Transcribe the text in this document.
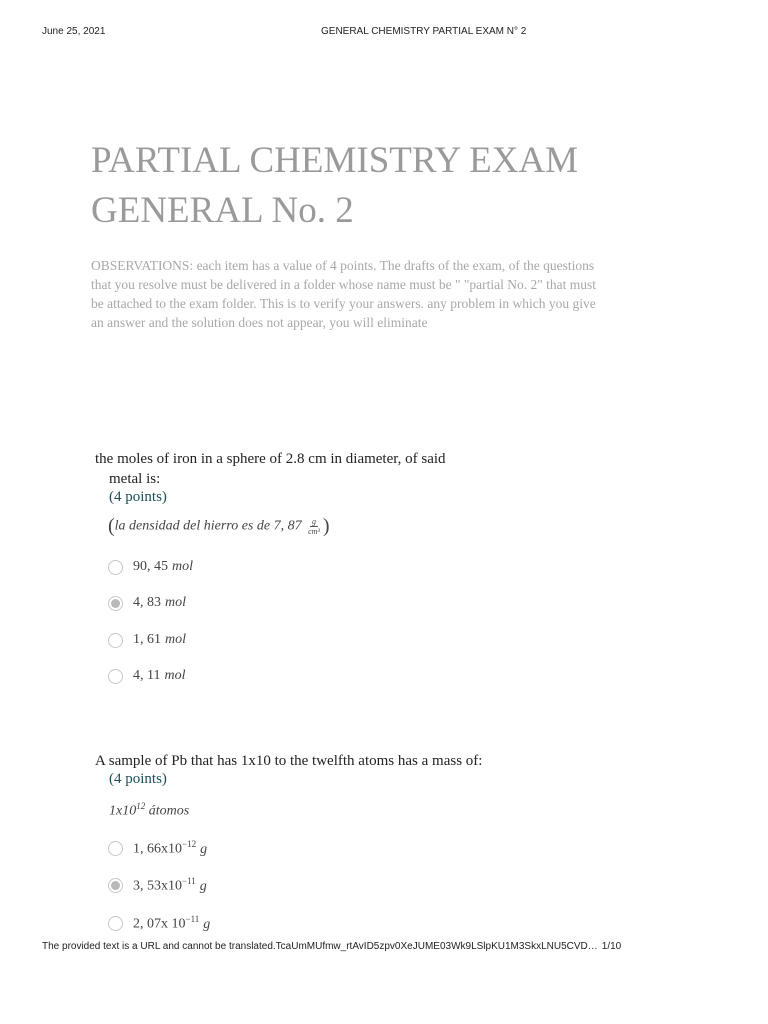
June 25, 2021	GENERAL CHEMISTRY PARTIAL EXAM N° 2
PARTIAL CHEMISTRY EXAM GENERAL No. 2
OBSERVATIONS: each item has a value of 4 points. The drafts of the exam, of the questions that you resolve must be delivered in a folder whose name must be " "partial No. 2" that must be attached to the exam folder. This is to verify your answers. any problem in which you give an answer and the solution does not appear, you will eliminate
the moles of iron in a sphere of 2.8 cm in diameter, of said
metal is:
(4 points)
(la densidad del hierro es de 7, $87 \frac{g}{\text{cm³}}$ )
90, 45 mol
4, 83 mol
1, 61 mol
4, 11 mol
A sample of Pb that has 1x10 to the twelfth atoms has a mass of:
(4 points)
$1x10^{12}$ átomos
1, $66x10^{-12}$ g
3, $53x10^{-11}$ g
2, 07x $10^{-11}$ g
The provided text is a URL and cannot be translated.TcaUmMUfmw_rtAvID5zpv0XeJUME03Wk9LSlpKU1M3SkxLNU5CVD… 1/10
